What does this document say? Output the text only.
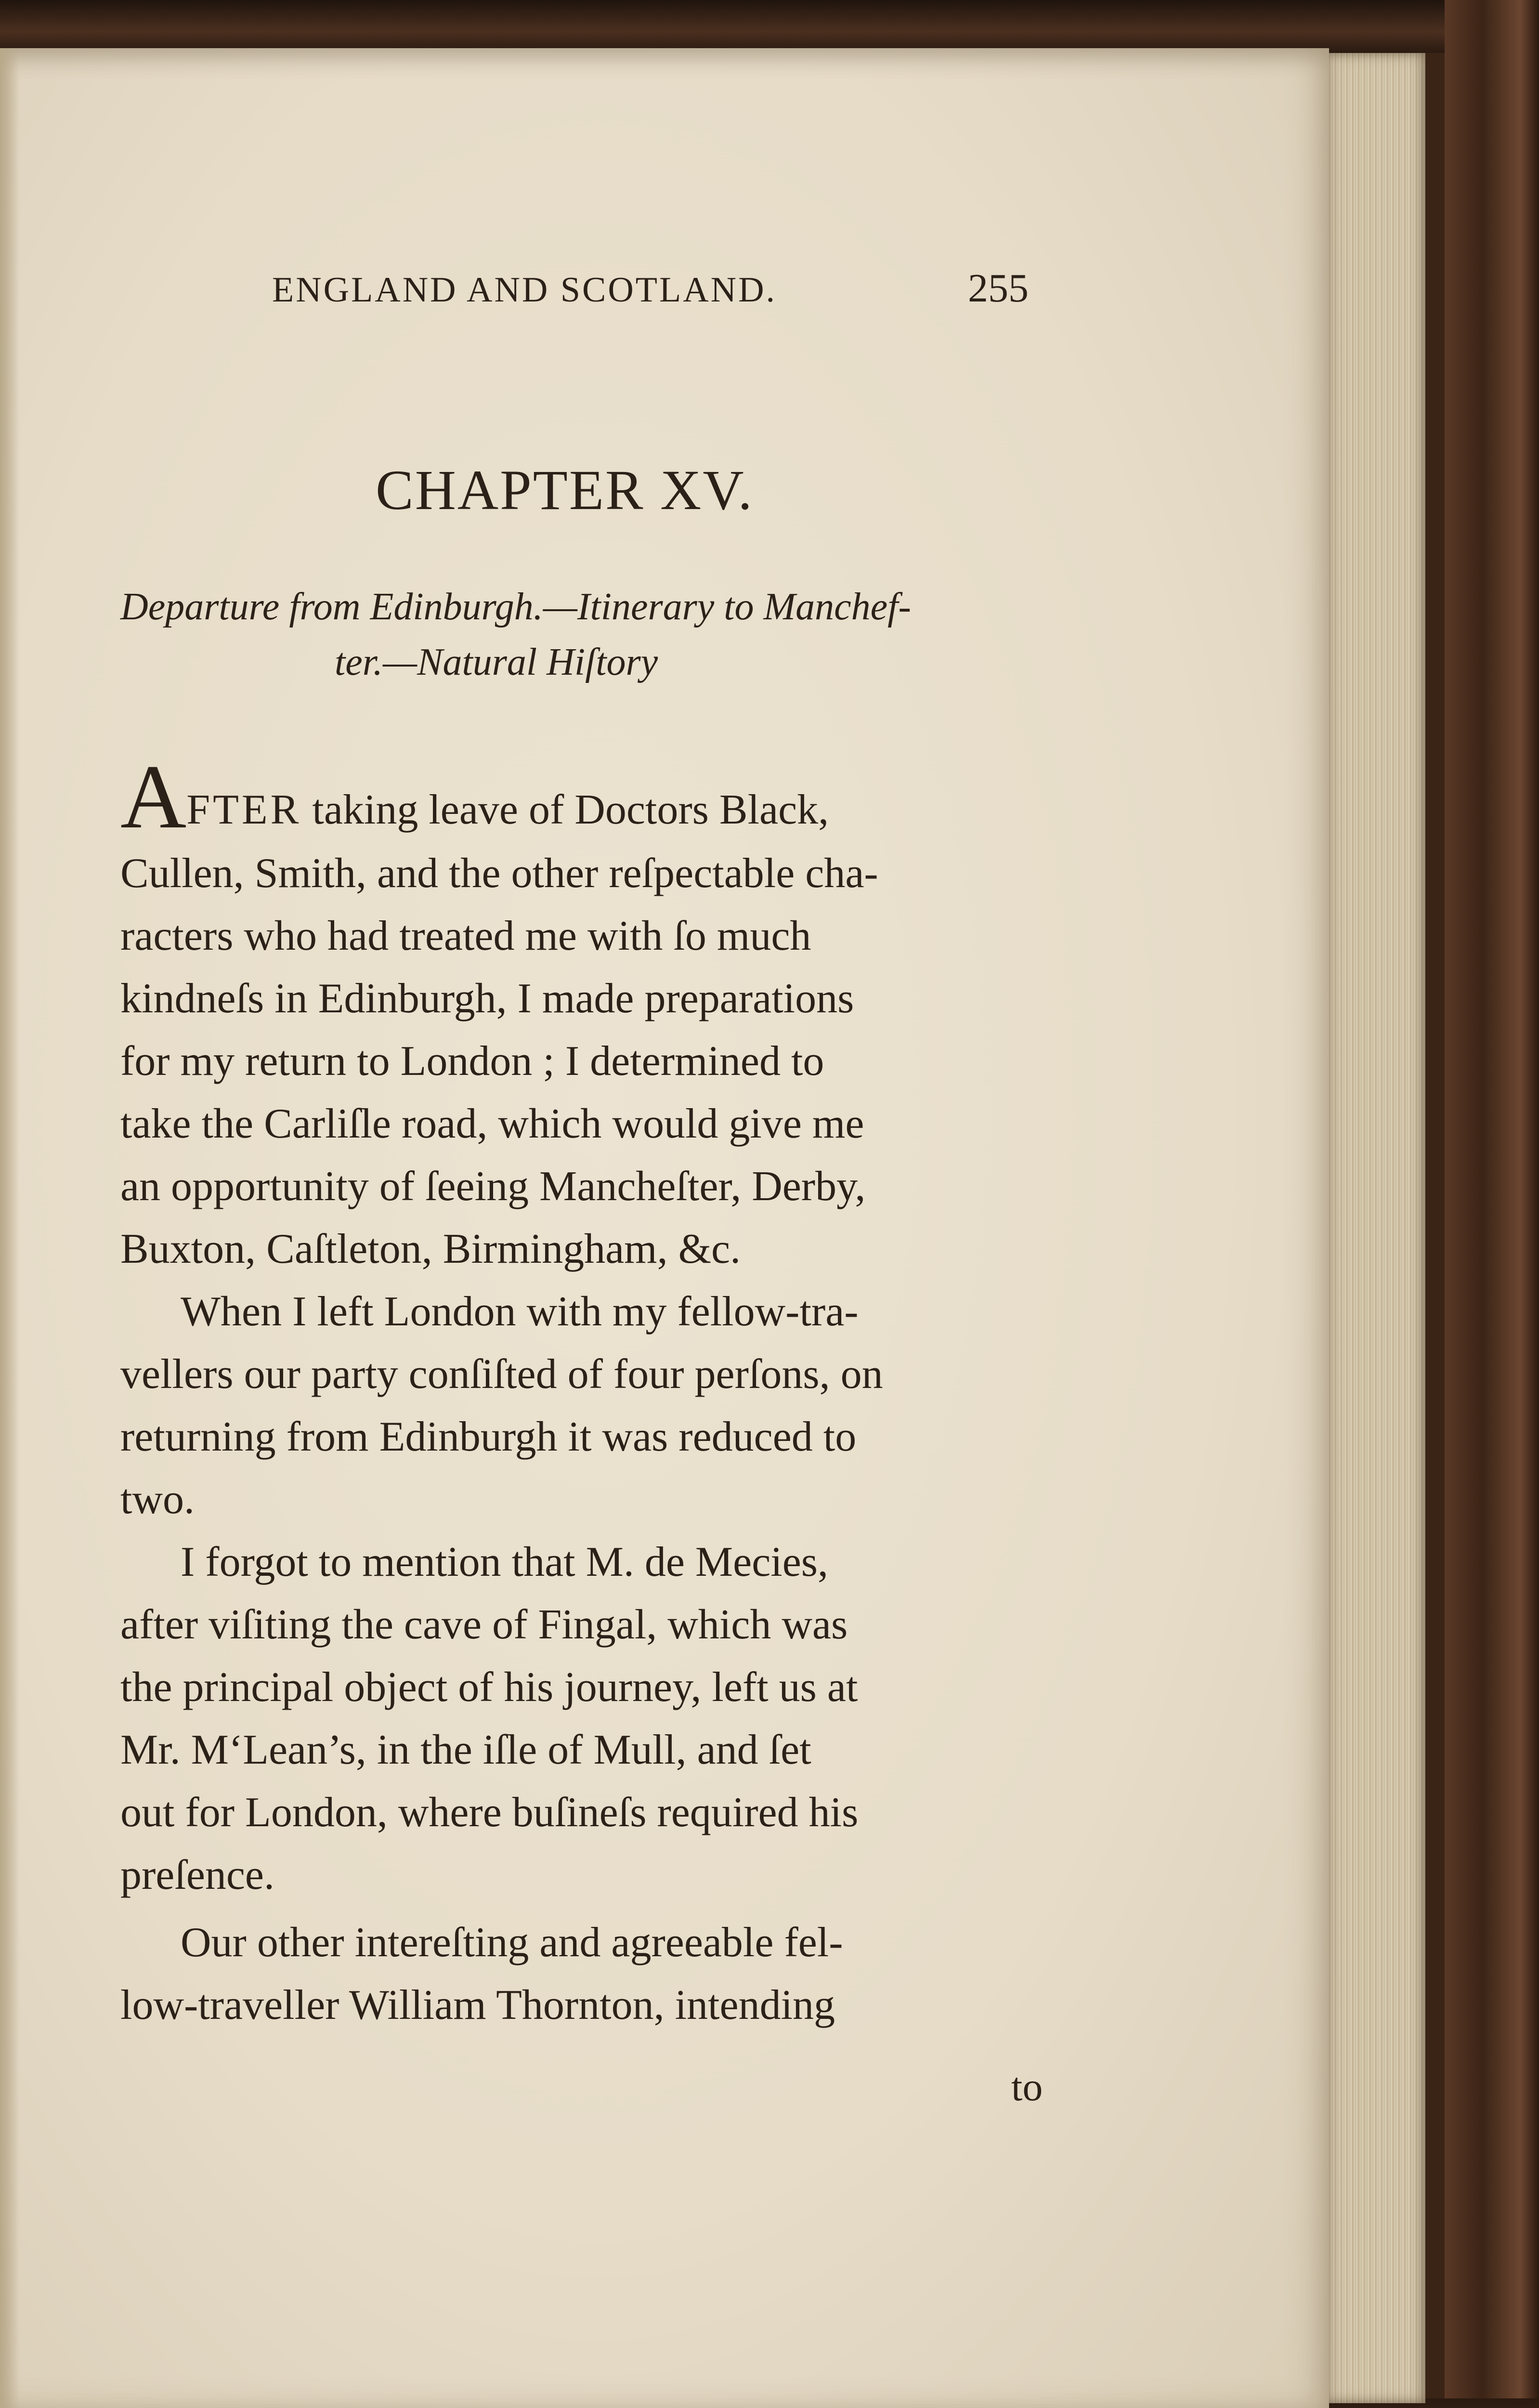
ENGLAND AND SCOTLAND.	255
CHAPTER XV.
Departure from Edinburgh.—Itinerary to Manchef-
ter.—Natural Hiſtory
AFTER taking leave of Doctors Black,
Cullen, Smith, and the other reſpectable cha-
racters who had treated me with ſo much
kindneſs in Edinburgh, I made preparations
for my return to London ; I determined to
take the Carliſle road, which would give me
an opportunity of ſeeing Mancheſter, Derby,
Buxton, Caſtleton, Birmingham, &c.
When I left London with my fellow-tra-
vellers our party conſiſted of four perſons, on
returning from Edinburgh it was reduced to
two.
I forgot to mention that M. de Mecies,
after viſiting the cave of Fingal, which was
the principal object of his journey, left us at
Mr. M‘Lean’s, in the iſle of Mull, and ſet
out for London, where buſineſs required his
preſence.
Our other intereſting and agreeable fel-
low-traveller William Thornton, intending
to
